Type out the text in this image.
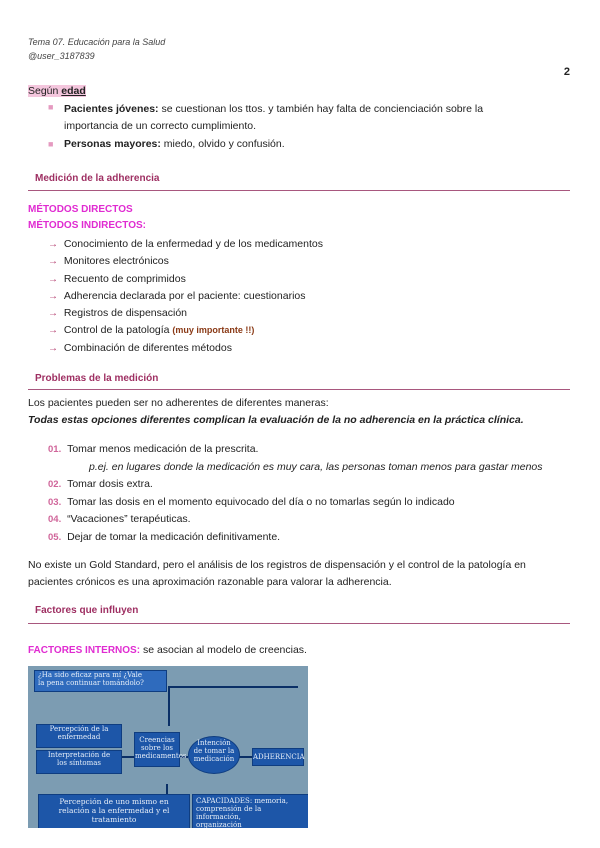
Tema 07. Educación para la Salud
@user_3187839
2
Según edad
■ Pacientes jóvenes: se cuestionan los ttos. y también hay falta de concienciación sobre la
importancia de un correcto cumplimiento.
■ Personas mayores: miedo, olvido y confusión.
Medición de la adherencia
MÉTODOS DIRECTOS
MÉTODOS INDIRECTOS:
→ Conocimiento de la enfermedad y de los medicamentos
→ Monitores electrónicos
→ Recuento de comprimidos
→ Adherencia declarada por el paciente: cuestionarios
→ Registros de dispensación
→ Control de la patología (muy importante !!)
→ Combinación de diferentes métodos
Problemas de la medición
Los pacientes pueden ser no adherentes de diferentes maneras:
Todas estas opciones diferentes complican la evaluación de la no adherencia en la práctica clínica.
01. Tomar menos medicación de la prescrita.
p.ej. en lugares donde la medicación es muy cara, las personas toman menos para gastar menos
02. Tomar dosis extra.
03. Tomar las dosis en el momento equivocado del día o no tomarlas según lo indicado
04. “Vacaciones” terapéuticas.
05. Dejar de tomar la medicación definitivamente.
No existe un Gold Standard, pero el análisis de los registros de dispensación y el control de la patología en
pacientes crónicos es una aproximación razonable para valorar la adherencia.
Factores que influyen
FACTORES INTERNOS: se asocian al modelo de creencias.
¿Ha sido eficaz para mí ¿Vale
la pena continuar tomándolo?
Percepción de la
enfermedad
Interpretación de
los síntomas
Creencias
sobre los
medicamentos
Intención
de tomar la
medicación	ADHERENCIA
Percepción de uno mismo en
relación a la enfermedad y el
tratamiento
CAPACIDADES: memoria,
comprensión de la información,
organización
